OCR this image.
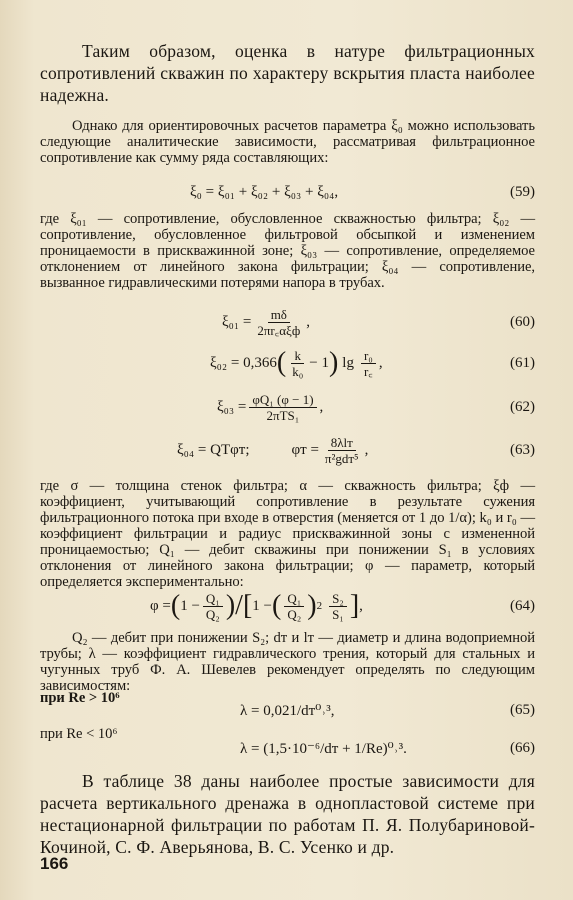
Таким образом, оценка в натуре фильтрационных сопротивлений скважин по характеру вскрытия пласта наиболее надежна.
Однако для ориентировочных расчетов параметра ξ₀ можно использовать следующие аналитические зависимости, рассматривая фильтрационное сопротивление как сумму ряда составляющих:
ξ₀ = ξ₀₁ + ξ₀₂ + ξ₀₃ + ξ₀₄,	(59)
где ξ₀₁ — сопротивление, обусловленное скважностью фильтра; ξ₀₂ — сопротивление, обусловленное фильтровой обсыпкой и изменением проницаемости в прискважинной зоне; ξ₀₃ — сопротивление, определяемое отклонением от линейного закона фильтрации; ξ₀₄ — сопротивление, вызванное гидравлическими потерями напора в трубах.
$\xi_{01} = \frac{m\delta}{\text{2πr꜀αξф}}$ ,	(60)
ξ₀₂ = 0,366 ( $\frac{k}{\text{k₀}} - 1$ ) $\lg \frac{\text{r₀}}{r꜀}$ ,	(61)
$\xi_{03} = \frac{\text{φQ₁ (φ − 1)}}{\text{2πTS₁}}$ ,	(62)
ξ₀₄ = QTφт;	$\varphi т = \frac{\text{8λlт}}{\text{π²gdт⁵}}$ ,	(63)
где σ — толщина стенок фильтра; α — скважность фильтра; ξф — коэффициент, учитывающий сопротивление в результате сужения фильтрационного потока при входе в отверстия (меняется от 1 до 1/α); k₀ и r₀ — коэффициент фильтрации и радиус прискважинной зоны с измененной проницаемостью; Q₁ — дебит скважины при понижении S₁ в условиях отклонения от линейного закона фильтрации; φ — параметр, который определяется экспериментально:
φ = ( $1 - \frac{\text{Q₁}}{\text{Q₂}}$ ) / [ 1 − ( $\frac{\text{Q₁}}{\text{Q₂}}$ ) $2 \frac{\text{S₂}}{\text{S₁}}$ ] ,	(64)
Q₂ — дебит при понижении S₂; dт и lт — диаметр и длина водоприемной трубы; λ — коэффициент гидравлического трения, который для стальных и чугунных труб Ф. А. Шевелев рекомендует определять по следующим зависимостям:
при Re > 10⁶
λ = 0,021/dт⁰˒³,	(65)
при Re < 10⁶
λ = (1,5·10⁻⁶/dт + 1/Re)⁰˒³.	(66)
В таблице 38 даны наиболее простые зависимости для расчета вертикального дренажа в однопластовой системе при нестационарной фильтрации по работам П. Я. Полубариновой-Кочиной, С. Ф. Аверьянова, В. С. Усенко и др.
166
